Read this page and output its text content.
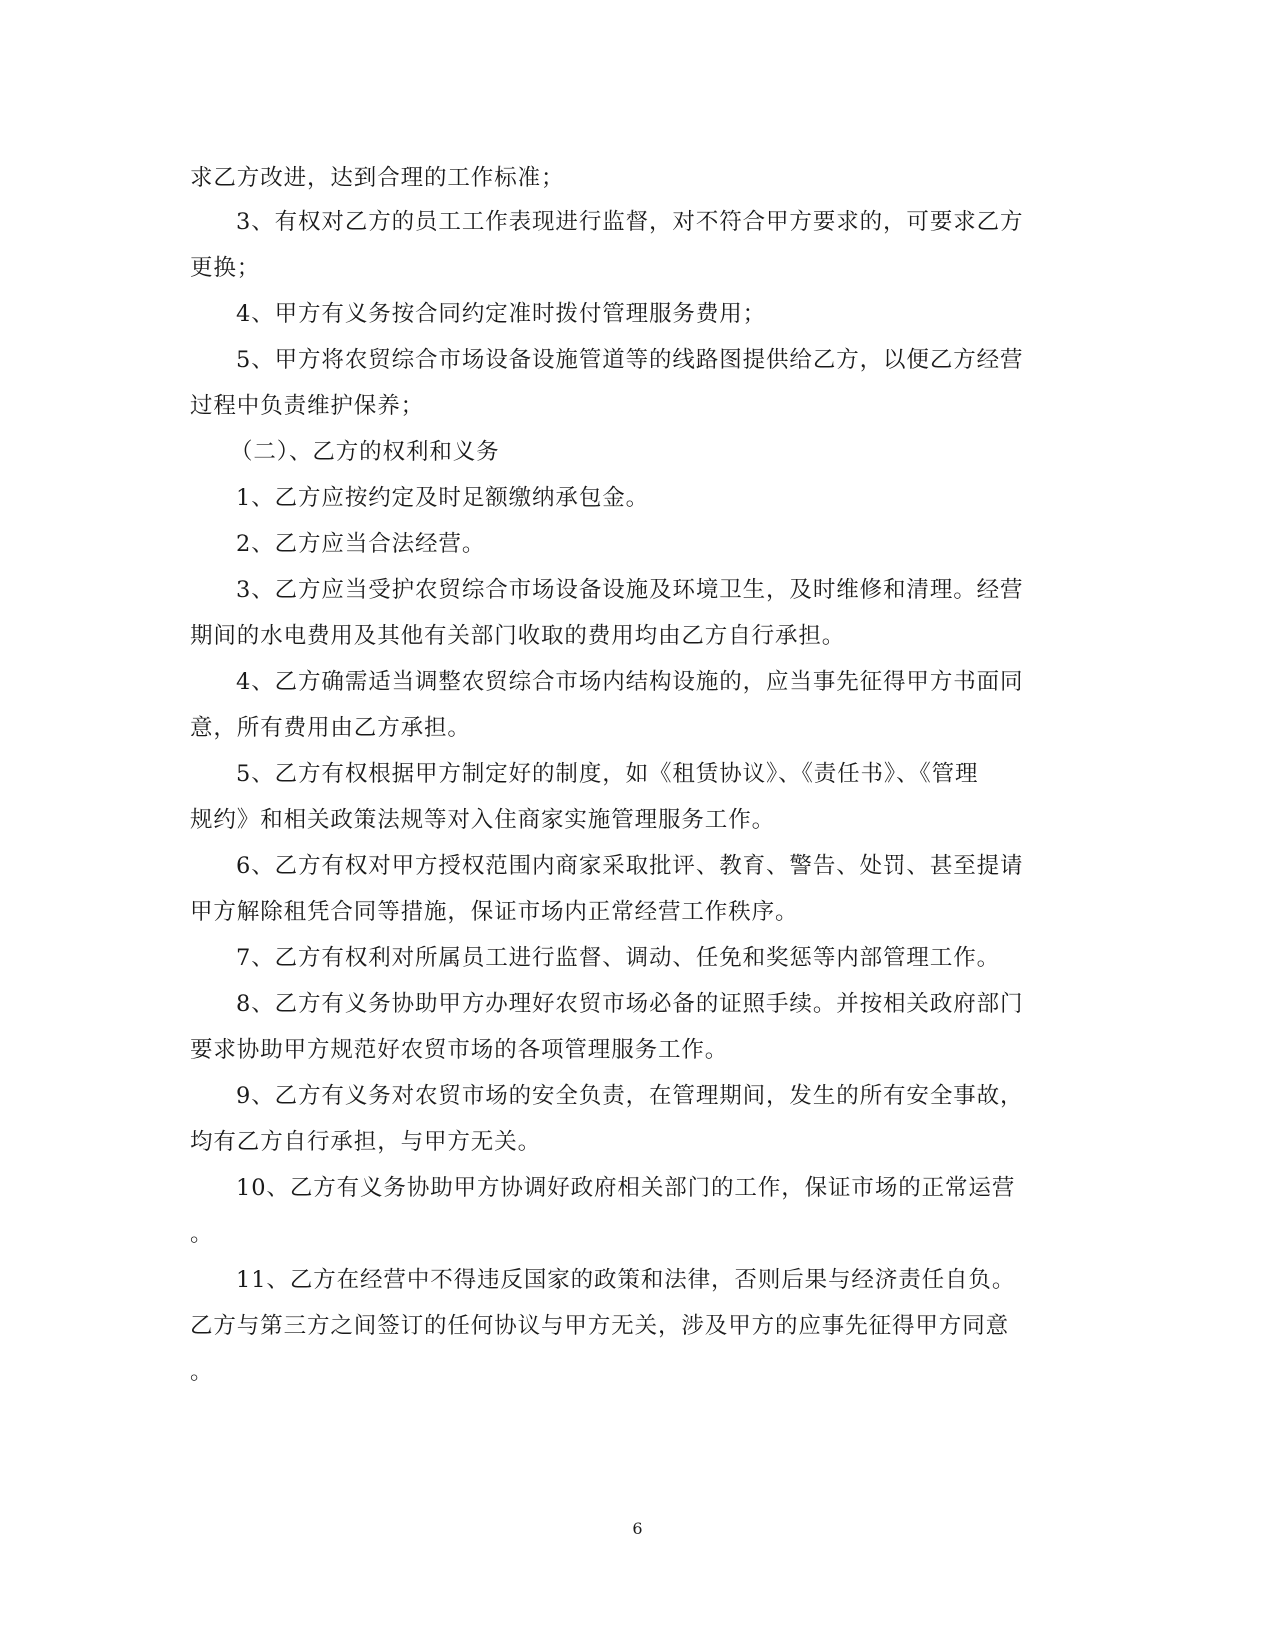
求乙方改进，达到合理的工作标准；
3、有权对乙方的员工工作表现进行监督，对不符合甲方要求的，可要求乙方
更换；
4、甲方有义务按合同约定准时拨付管理服务费用；
5、甲方将农贸综合市场设备设施管道等的线路图提供给乙方，以便乙方经营
过程中负责维护保养；
（二）、乙方的权利和义务
1、乙方应按约定及时足额缴纳承包金。
2、乙方应当合法经营。
3、乙方应当受护农贸综合市场设备设施及环境卫生，及时维修和清理。经营
期间的水电费用及其他有关部门收取的费用均由乙方自行承担。
4、乙方确需适当调整农贸综合市场内结构设施的，应当事先征得甲方书面同
意，所有费用由乙方承担。
5、乙方有权根据甲方制定好的制度，如《租赁协议》、《责任书》、《管理
规约》和相关政策法规等对入住商家实施管理服务工作。
6、乙方有权对甲方授权范围内商家采取批评、教育、警告、处罚、甚至提请
甲方解除租凭合同等措施，保证市场内正常经营工作秩序。
7、乙方有权利对所属员工进行监督、调动、任免和奖惩等内部管理工作。
8、乙方有义务协助甲方办理好农贸市场必备的证照手续。并按相关政府部门
要求协助甲方规范好农贸市场的各项管理服务工作。
9、乙方有义务对农贸市场的安全负责，在管理期间，发生的所有安全事故，
均有乙方自行承担，与甲方无关。
10、乙方有义务协助甲方协调好政府相关部门的工作，保证市场的正常运营
。
11、乙方在经营中不得违反国家的政策和法律，否则后果与经济责任自负。
乙方与第三方之间签订的任何协议与甲方无关，涉及甲方的应事先征得甲方同意
。
6
